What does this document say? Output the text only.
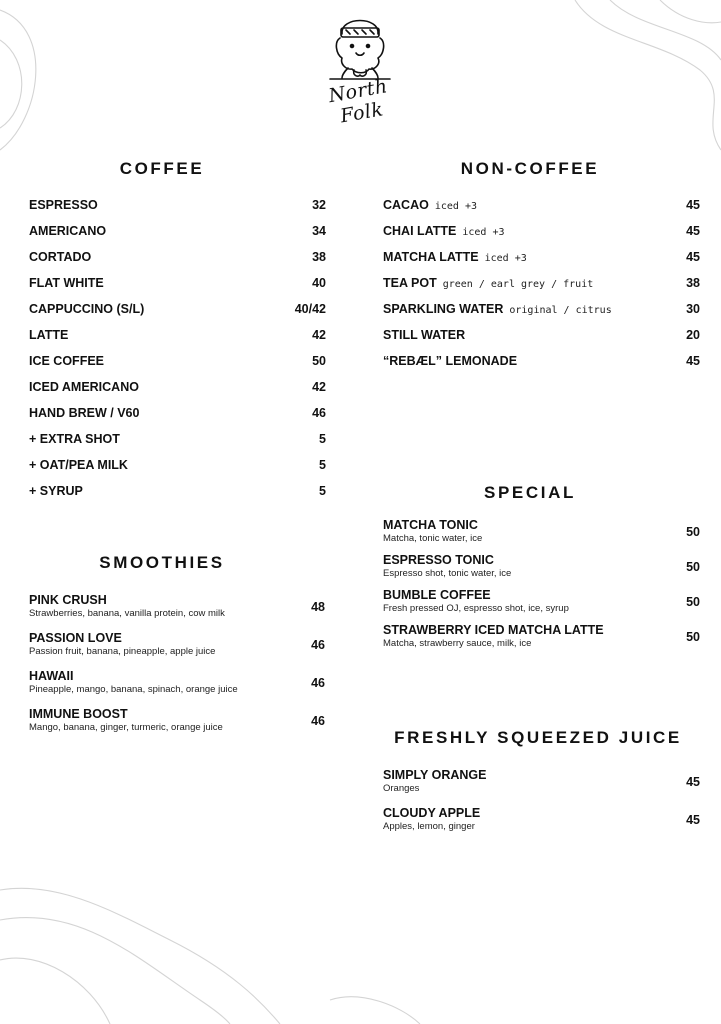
North Folk
COFFEE
ESPRESSO	32
AMERICANO	34
CORTADO	38
FLAT WHITE	40
CAPPUCCINO (S/L)	40/42
LATTE	42
ICE COFFEE	50
ICED AMERICANO	42
HAND BREW / V60	46
+ EXTRA SHOT	5
+ OAT/PEA MILK	5
+ SYRUP	5
NON-COFFEE
CACAO iced +3	45
CHAI LATTE iced +3	45
MATCHA LATTE iced +3	45
TEA POT green / earl grey / fruit	38
SPARKLING WATER original / citrus	30
STILL WATER	20
“REBÆL” LEMONADE	45
SMOOTHIES
PINK CRUSH
Strawberries, banana, vanilla protein, cow milk	48
PASSION LOVE
Passion fruit, banana, pineapple, apple juice	46
HAWAII
Pineapple, mango, banana, spinach, orange juice	46
IMMUNE BOOST
Mango, banana, ginger, turmeric, orange juice	46
SPECIAL
MATCHA TONIC
Matcha, tonic water, ice	50
ESPRESSO TONIC
Espresso shot, tonic water, ice	50
BUMBLE COFFEE
Fresh pressed OJ, espresso shot, ice, syrup	50
STRAWBERRY ICED MATCHA LATTE
Matcha, strawberry sauce, milk, ice	50
FRESHLY SQUEEZED JUICE
SIMPLY ORANGE
Oranges	45
CLOUDY APPLE
Apples, lemon, ginger	45
